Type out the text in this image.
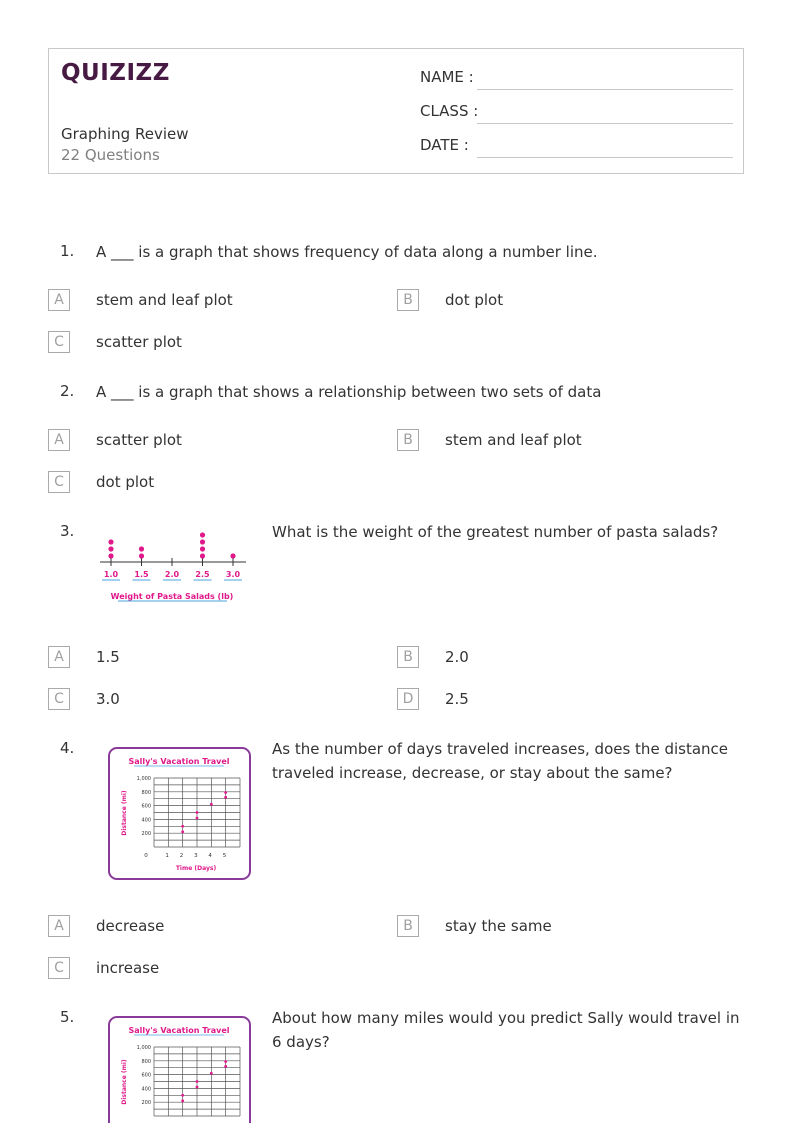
QUIZIZZ
Graphing Review
22 Questions
NAME :
CLASS :
DATE :
1. A ___ is a graph that shows frequency of data along a number line.
A	stem and leaf plot	B	dot plot
C	scatter plot
2. A ___ is a graph that shows a relationship between two sets of data
A	scatter plot	B	stem and leaf plot
C	dot plot
3.
1.0 1.5 2.0 2.5 3.0
Weight of Pasta Salads (lb)
What is the weight of the greatest number of pasta salads?
A	1.5	B	2.0
C	3.0	D	2.5
4.
Sally's Vacation Travel
1,000
800
600
400
200
0	1 2 3 4 5
Distance (mi)
Time (Days)
As the number of days traveled increases, does the distance traveled increase, decrease, or stay about the same?
A	decrease	B	stay the same
C	increase
5.
Sally's Vacation Travel
1,000
800
600
400
200
Distance (mi)
About how many miles would you predict Sally would travel in 6 days?
